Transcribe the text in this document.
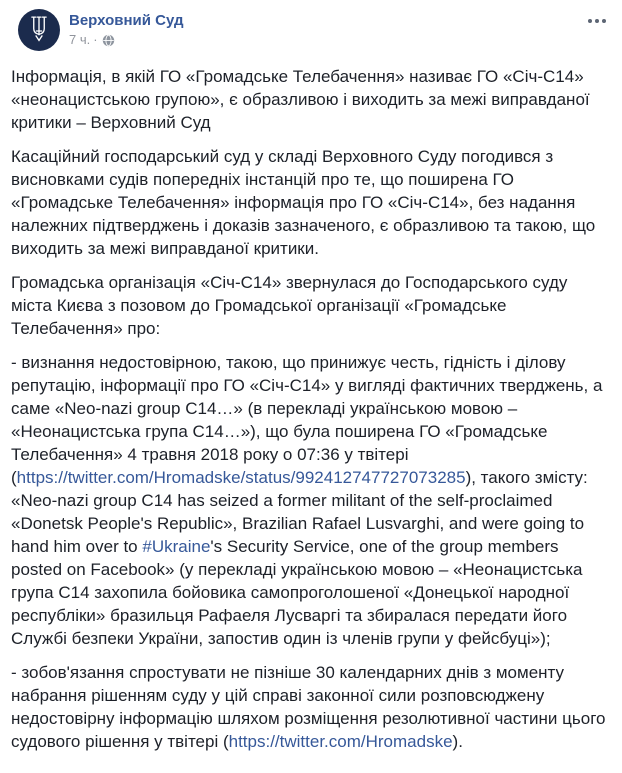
Верховний Суд
7 ч. ·

Інформація, в якій ГО «Громадське Телебачення» називає ГО «Січ-С14» «неонацистською групою», є образливою і виходить за межі виправданої критики – Верховний Суд

Касаційний господарський суд у складі Верховного Суду погодився з висновками судів попередніх інстанцій про те, що поширена ГО «Громадське Телебачення» інформація про ГО «Січ-С14», без надання належних підтверджень і доказів зазначеного, є образливою та такою, що виходить за межі виправданої критики.

Громадська організація «Січ-С14» звернулася до Господарського суду міста Києва з позовом до Громадської організації «Громадське Телебачення» про:

- визнання недостовірною, такою, що принижує честь, гідність і ділову репутацію, інформації про ГО «Січ-С14» у вигляді фактичних тверджень, а саме «Neo-nazi group C14…» (в перекладі українською мовою – «Неонацистська група С14…»), що була поширена ГО «Громадське Телебачення» 4 травня 2018 року о 07:36 у твітері (https://twitter.com/Hromadske/status/992412747727073285), такого змісту: «Neo-nazi group C14 has seized a former militant of the self-proclaimed «Donetsk People's Republic», Brazilian Rafael Lusvarghi, and were going to hand him over to #Ukraine's Security Service, one of the group members posted on Facebook» (у перекладі українською мовою – «Неонацистська група С14 захопила бойовика самопроголошеної «Донецької народної республіки» бразильця Рафаеля Лусваргі та збиралася передати його Службі безпеки України, запостив один із членів групи у фейсбуці»);

- зобов'язання спростувати не пізніше 30 календарних днів з моменту набрання рішенням суду у цій справі законної сили розповсюджену недостовірну інформацію шляхом розміщення резолютивної частини цього судового рішення у твітері (https://twitter.com/Hromadske).
